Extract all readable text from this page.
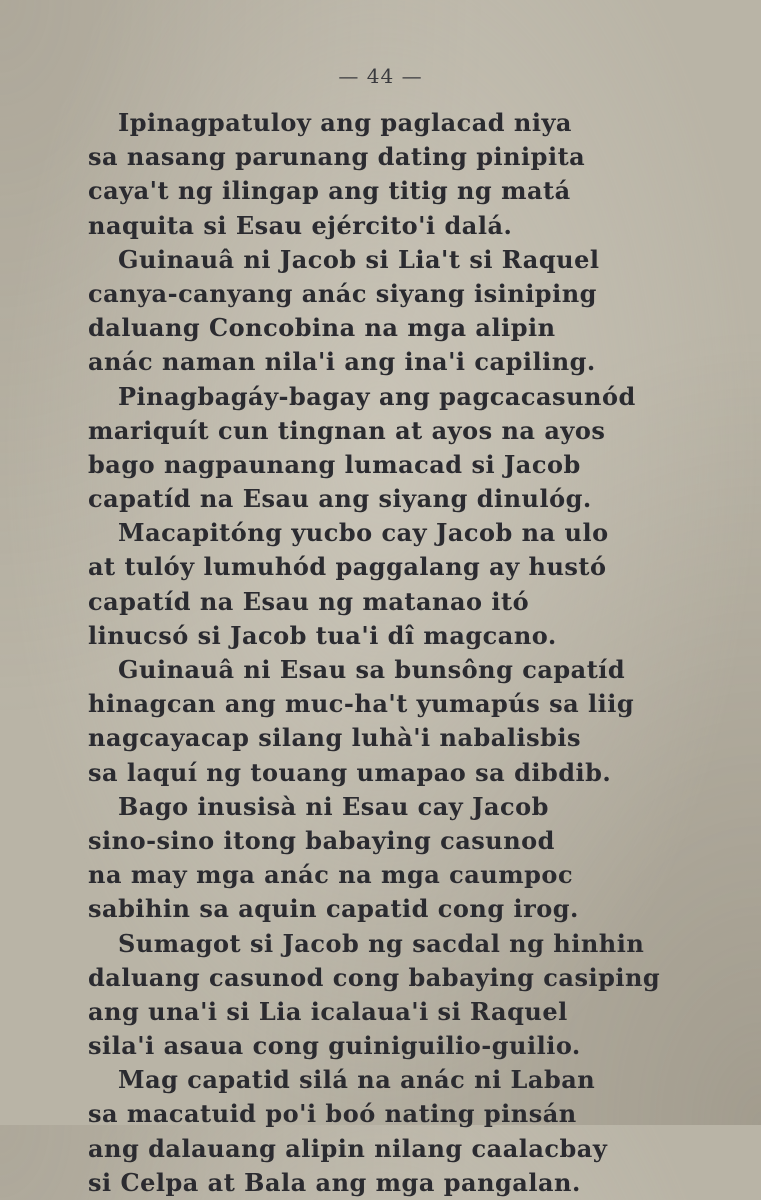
— 44 —
Ipinagpatuloy ang paglacad niya
sa nasang parunang dating pinipita
caya't ng ilingap ang titig ng matá
naquita si Esau ejército'i dalá.
Guinauâ ni Jacob si Lia't si Raquel
canya-canyang anác siyang isiniping
daluang Concobina na mga alipin
anác naman nila'i ang ina'i capiling.
Pinagbagáy-bagay ang pagcacasunód
mariquít cun tingnan at ayos na ayos
bago nagpaunang lumacad si Jacob
capatíd na Esau ang siyang dinulóg.
Macapitóng yucbo cay Jacob na ulo
at tulóy lumuhód paggalang ay hustó
capatíd na Esau ng matanao itó
linucsó si Jacob tua'i dî magcano.
Guinauâ ni Esau sa bunsông capatíd
hinagcan ang muc-ha't yumapús sa liig
nagcayacap silang luhà'i nabalisbis
sa laquí ng touang umapao sa dibdib.
Bago inusisà ni Esau cay Jacob
sino-sino itong babaying casunod
na may mga anác na mga caumpoc
sabihin sa aquin capatid cong irog.
Sumagot si Jacob ng sacdal ng hinhin
daluang casunod cong babaying casiping
ang una'i si Lia icalaua'i si Raquel
sila'i asaua cong guiniguilio-guilio.
Mag capatid silá na anác ni Laban
sa macatuid po'i boó nating pinsán
ang dalauang alipin nilang caalacbay
si Celpa at Bala ang mga pangalan.
